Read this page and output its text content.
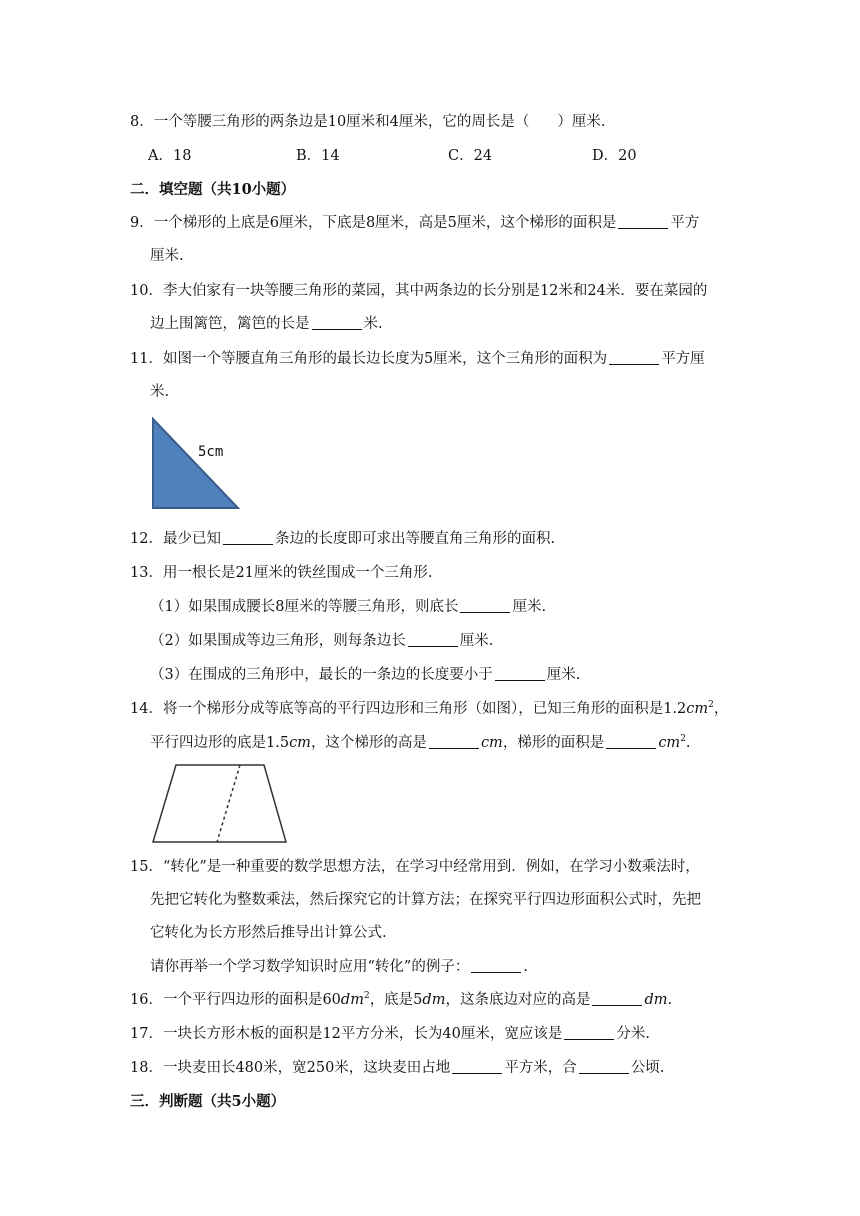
8．一个等腰三角形的两条边是10厘米和4厘米，它的周长是（ ）厘米.
A．18	B．14	C．24	D．20
二．填空题（共10小题）
9．一个梯形的上底是6厘米，下底是8厘米，高是5厘米，这个梯形的面积是	平方
厘米.
10．李大伯家有一块等腰三角形的菜园，其中两条边的长分别是12米和24米．要在菜园的
边上围篱笆，篱笆的长是	米.
11．如图一个等腰直角三角形的最长边长度为5厘米，这个三角形的面积为	平方厘
米.
5cm
12．最少已知	条边的长度即可求出等腰直角三角形的面积.
13．用一根长是21厘米的铁丝围成一个三角形.
（1）如果围成腰长8厘米的等腰三角形，则底长	厘米.
（2）如果围成等边三角形，则每条边长	厘米.
（3）在围成的三角形中，最长的一条边的长度要小于	厘米.
14．将一个梯形分成等底等高的平行四边形和三角形（如图），已知三角形的面积是$1.2cm^2$，
平行四边形的底是1.5cm，这个梯形的高是	cm，梯形的面积是	$cm^2$.
15．“转化”是一种重要的数学思想方法，在学习中经常用到．例如，在学习小数乘法时，
先把它转化为整数乘法，然后探究它的计算方法；在探究平行四边形面积公式时，先把
它转化为长方形然后推导出计算公式.
请你再举一个学习数学知识时应用“转化”的例子：	.
16．一个平行四边形的面积是$60dm^2$，底是5dm，这条底边对应的高是	dm.
17．一块长方形木板的面积是12平方分米，长为40厘米，宽应该是	分米.
18．一块麦田长480米，宽250米，这块麦田占地	平方米，合	公顷.
三．判断题（共5小题）
